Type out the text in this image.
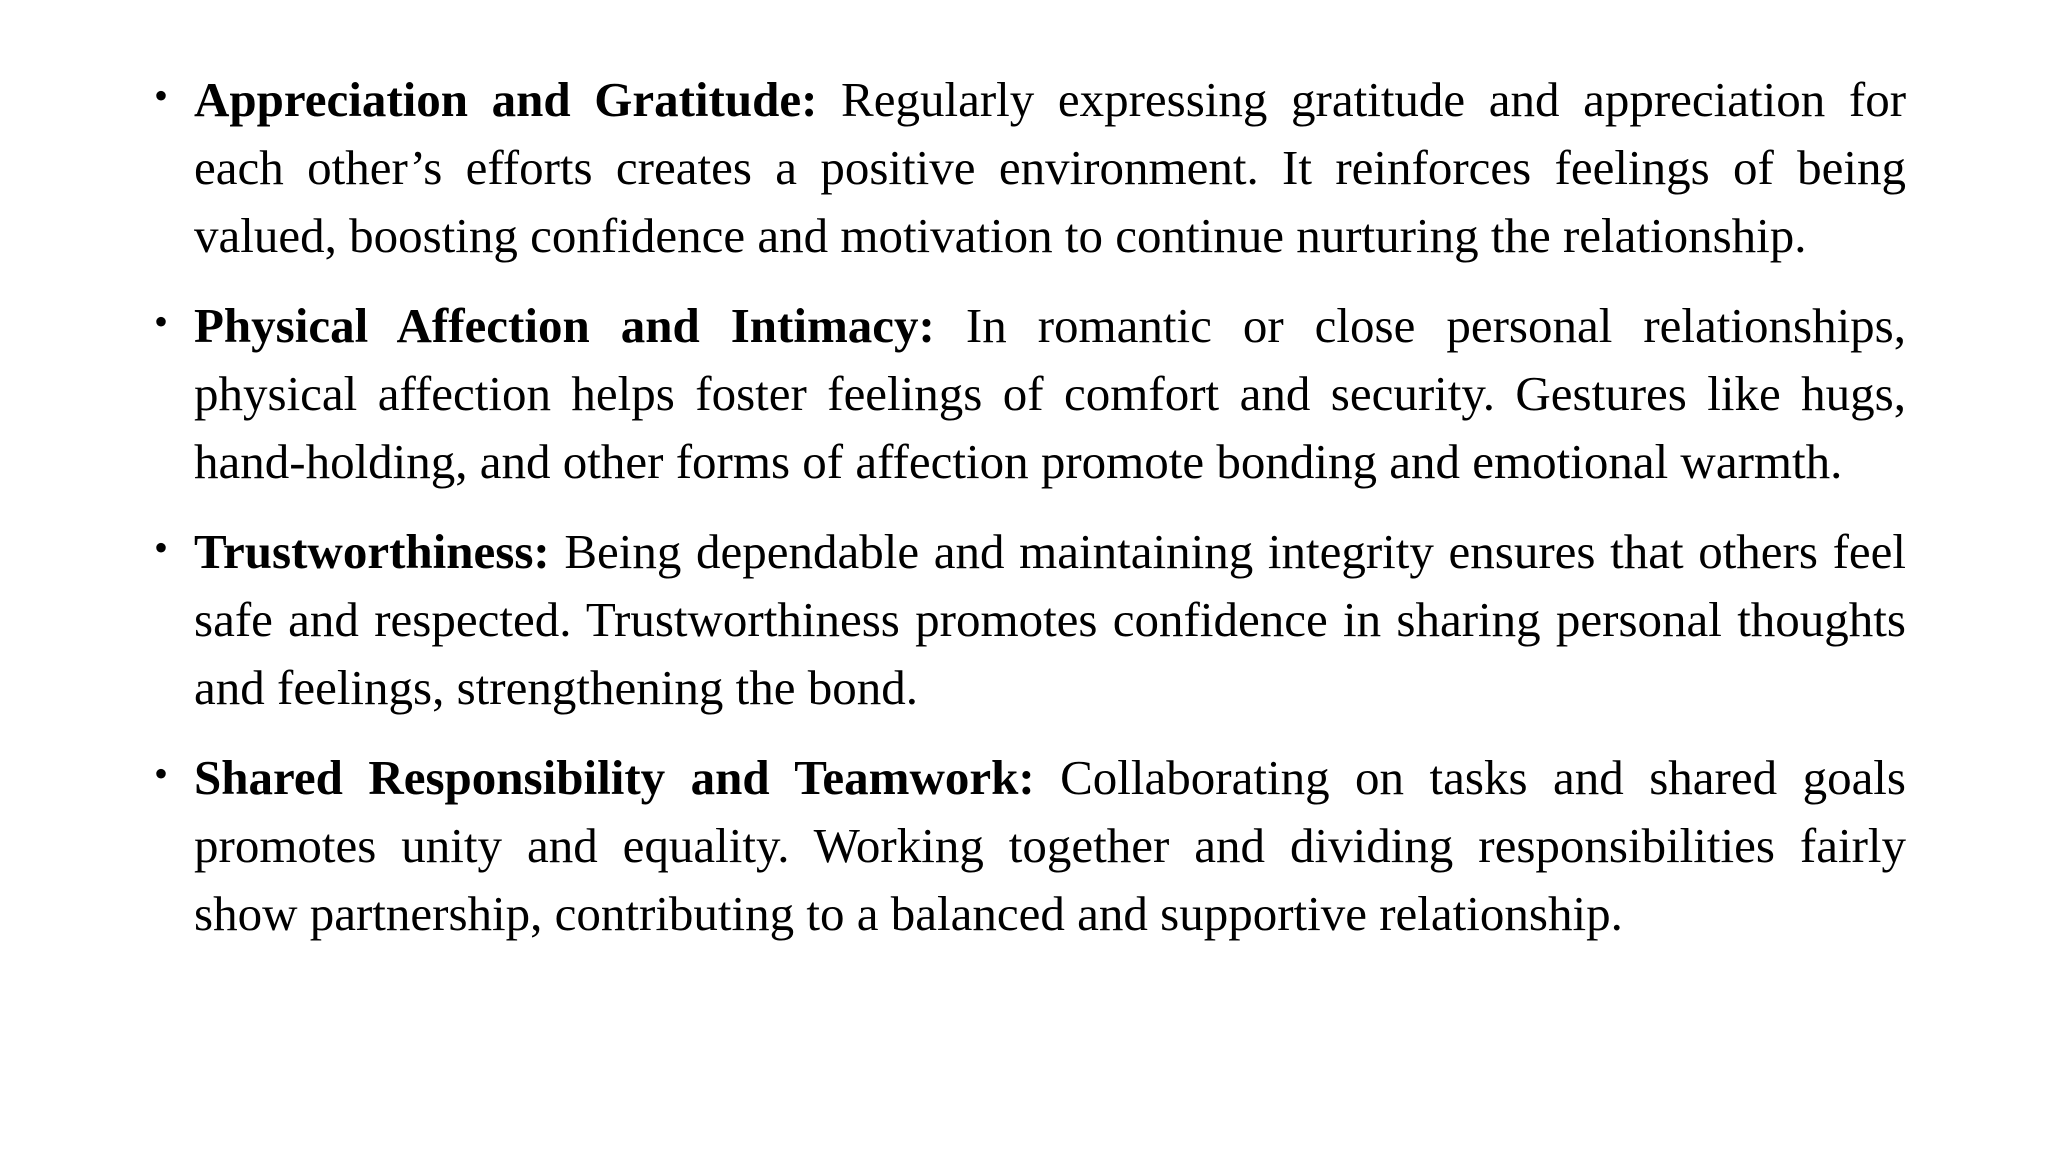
• Appreciation and Gratitude: Regularly expressing gratitude and appreciation for each other’s efforts creates a positive environment. It reinforces feelings of being valued, boosting confidence and motivation to continue nurturing the relationship.
• Physical Affection and Intimacy: In romantic or close personal relationships, physical affection helps foster feelings of comfort and security. Gestures like hugs, hand-holding, and other forms of affection promote bonding and emotional warmth.
• Trustworthiness: Being dependable and maintaining integrity ensures that others feel safe and respected. Trustworthiness promotes confidence in sharing personal thoughts and feelings, strengthening the bond.
• Shared Responsibility and Teamwork: Collaborating on tasks and shared goals promotes unity and equality. Working together and dividing responsibilities fairly show partnership, contributing to a balanced and supportive relationship.
